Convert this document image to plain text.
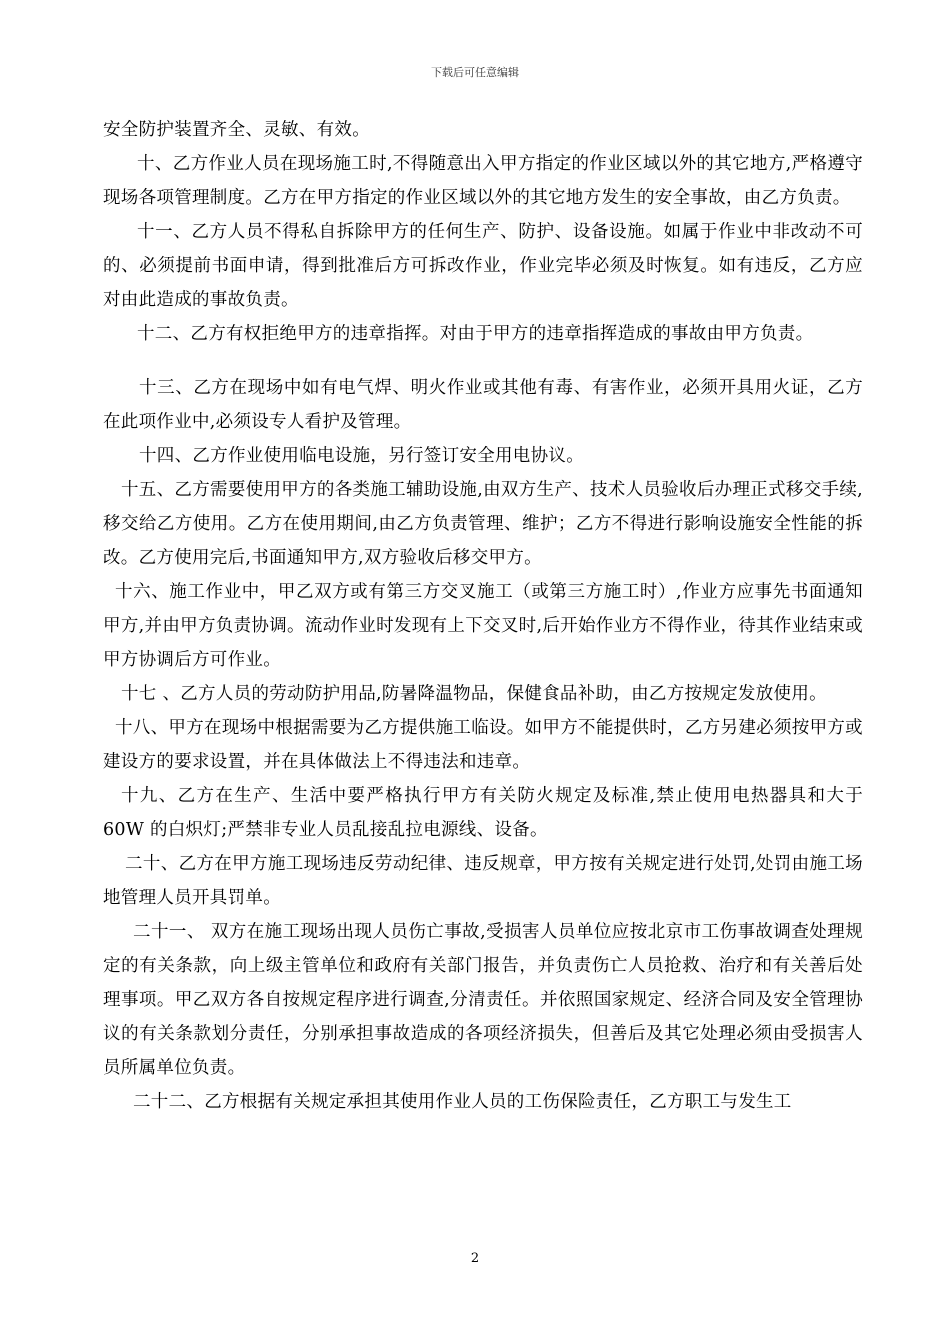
下载后可任意编辑

安全防护装置齐全、灵敏、有效。

十、乙方作业人员在现场施工时,不得随意出入甲方指定的作业区域以外的其它地方,严格遵守现场各项管理制度。乙方在甲方指定的作业区域以外的其它地方发生的安全事故，由乙方负责。

十一、乙方人员不得私自拆除甲方的任何生产、防护、设备设施。如属于作业中非改动不可的、必须提前书面申请，得到批准后方可拆改作业，作业完毕必须及时恢复。如有违反，乙方应对由此造成的事故负责。

十二、乙方有权拒绝甲方的违章指挥。对由于甲方的违章指挥造成的事故由甲方负责。

十三、乙方在现场中如有电气焊、明火作业或其他有毒、有害作业，必须开具用火证，乙方在此项作业中,必须设专人看护及管理。

十四、乙方作业使用临电设施，另行签订安全用电协议。

十五、乙方需要使用甲方的各类施工辅助设施,由双方生产、技术人员验收后办理正式移交手续,移交给乙方使用。乙方在使用期间,由乙方负责管理、维护；乙方不得进行影响设施安全性能的拆改。乙方使用完后,书面通知甲方,双方验收后移交甲方。

十六、施工作业中，甲乙双方或有第三方交叉施工（或第三方施工时）,作业方应事先书面通知甲方,并由甲方负责协调。流动作业时发现有上下交叉时,后开始作业方不得作业，待其作业结束或甲方协调后方可作业。

十七 、乙方人员的劳动防护用品,防暑降温物品，保健食品补助，由乙方按规定发放使用。

十八、甲方在现场中根据需要为乙方提供施工临设。如甲方不能提供时，乙方另建必须按甲方或建设方的要求设置，并在具体做法上不得违法和违章。

十九、乙方在生产、生活中要严格执行甲方有关防火规定及标准,禁止使用电热器具和大于 60W 的白炽灯;严禁非专业人员乱接乱拉电源线、设备。

二十、乙方在甲方施工现场违反劳动纪律、违反规章，甲方按有关规定进行处罚,处罚由施工场地管理人员开具罚单。

二十一、 双方在施工现场出现人员伤亡事故,受损害人员单位应按北京市工伤事故调查处理规定的有关条款，向上级主管单位和政府有关部门报告，并负责伤亡人员抢救、治疗和有关善后处理事项。甲乙双方各自按规定程序进行调查,分清责任。并依照国家规定、经济合同及安全管理协议的有关条款划分责任，分别承担事故造成的各项经济损失，但善后及其它处理必须由受损害人员所属单位负责。

二十二、乙方根据有关规定承担其使用作业人员的工伤保险责任，乙方职工与发生工

2
